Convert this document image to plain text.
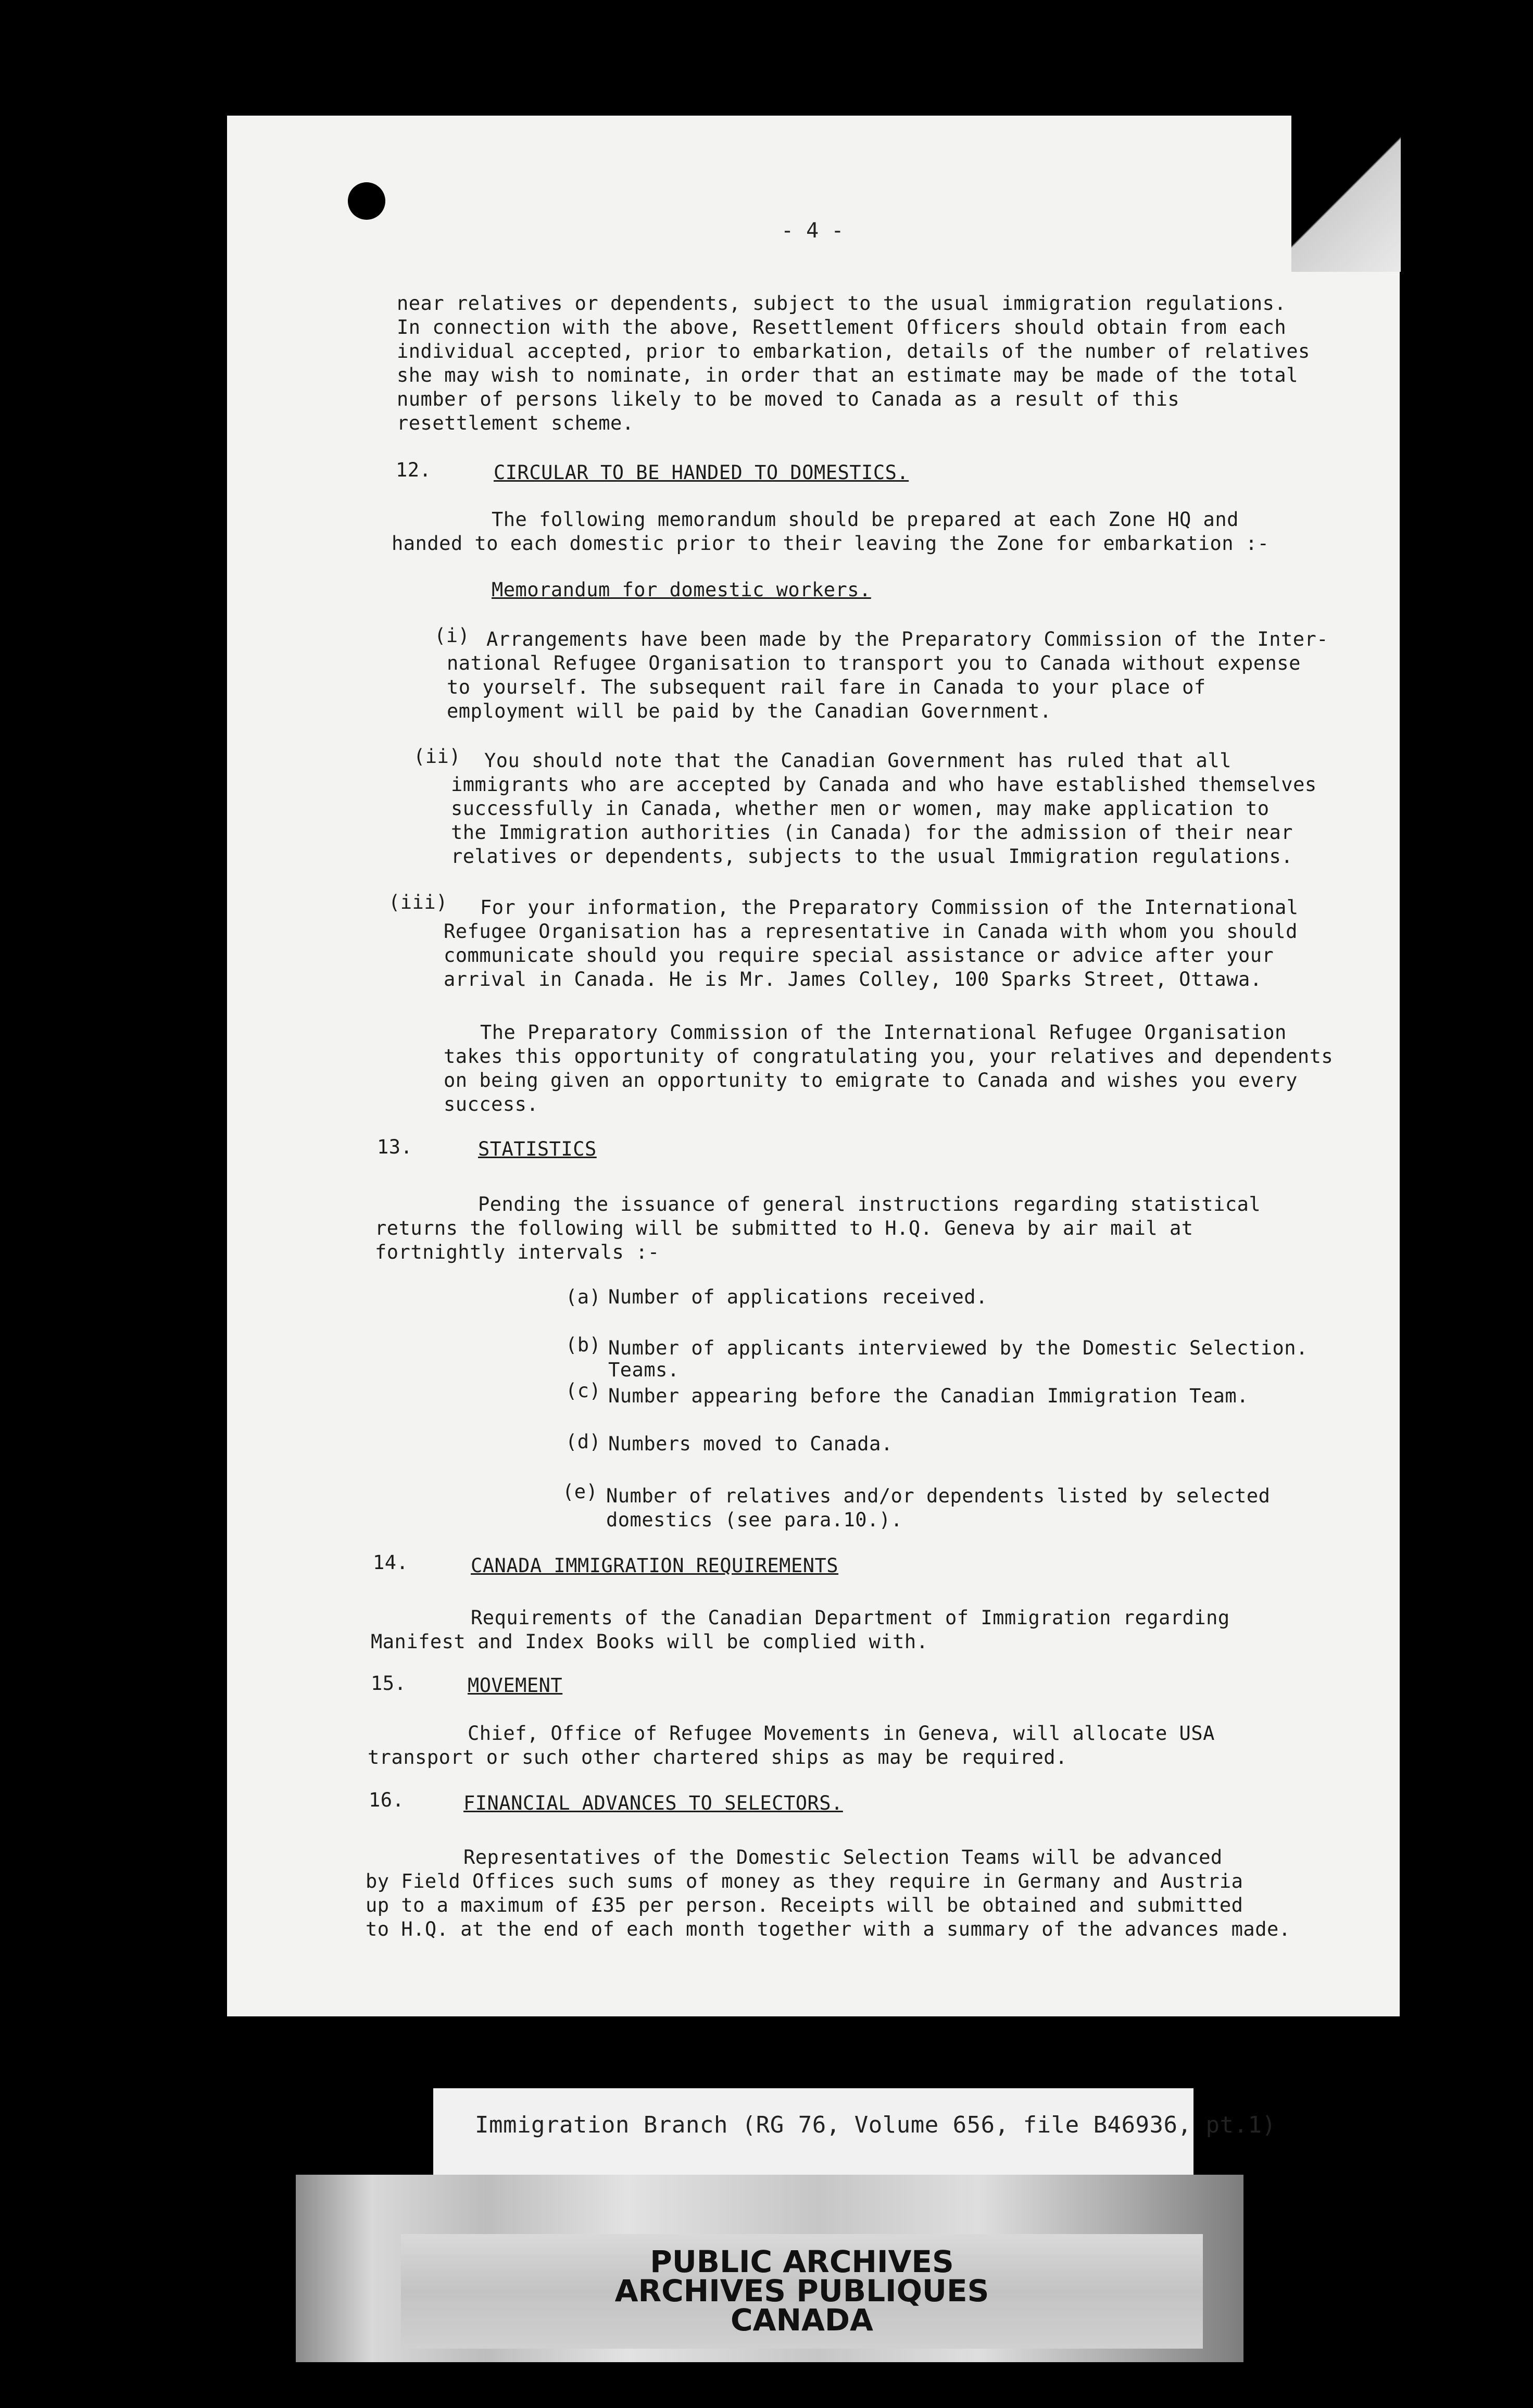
- 4 -
near relatives or dependents, subject to the usual immigration regulations.
In connection with the above, Resettlement Officers should obtain from each
individual accepted, prior to embarkation, details of the number of relatives
she may wish to nominate, in order that an estimate may be made of the total
number of persons likely to be moved to Canada as a result of this
resettlement scheme.
12.	CIRCULAR TO BE HANDED TO DOMESTICS.
The following memorandum should be prepared at each Zone HQ and
handed to each domestic prior to their leaving the Zone for embarkation :-
Memorandum for domestic workers.
(i) Arrangements have been made by the Preparatory Commission of the Inter-
national Refugee Organisation to transport you to Canada without expense
to yourself. The subsequent rail fare in Canada to your place of
employment will be paid by the Canadian Government.
(ii) You should note that the Canadian Government has ruled that all
immigrants who are accepted by Canada and who have established themselves
successfully in Canada, whether men or women, may make application to
the Immigration authorities (in Canada) for the admission of their near
relatives or dependents, subjects to the usual Immigration regulations.
(iii) For your information, the Preparatory Commission of the International
Refugee Organisation has a representative in Canada with whom you should
communicate should you require special assistance or advice after your
arrival in Canada. He is Mr. James Colley, 100 Sparks Street, Ottawa.
The Preparatory Commission of the International Refugee Organisation
takes this opportunity of congratulating you, your relatives and dependents
on being given an opportunity to emigrate to Canada and wishes you every
success.
13.	STATISTICS
Pending the issuance of general instructions regarding statistical
returns the following will be submitted to H.Q. Geneva by air mail at
fortnightly intervals :-
(a) Number of applications received.
(b) Number of applicants interviewed by the Domestic Selection.
Teams.
(c) Number appearing before the Canadian Immigration Team.
(d) Numbers moved to Canada.
(e) Number of relatives and/or dependents listed by selected
domestics (see para.10.).
14.	CANADA IMMIGRATION REQUIREMENTS
Requirements of the Canadian Department of Immigration regarding
Manifest and Index Books will be complied with.
15.	MOVEMENT
Chief, Office of Refugee Movements in Geneva, will allocate USA
transport or such other chartered ships as may be required.
16.	FINANCIAL ADVANCES TO SELECTORS.
Representatives of the Domestic Selection Teams will be advanced
by Field Offices such sums of money as they require in Germany and Austria
up to a maximum of £35 per person. Receipts will be obtained and submitted
to H.Q. at the end of each month together with a summary of the advances made.
Immigration Branch (RG 76, Volume 656, file B46936, pt.1)
PUBLIC ARCHIVES
ARCHIVES PUBLIQUES
CANADA
